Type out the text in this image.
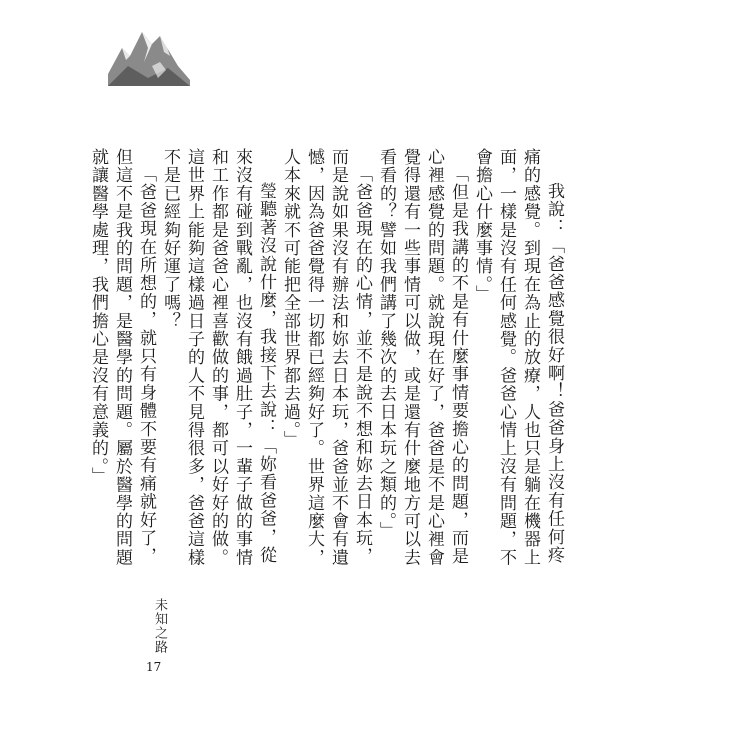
我說：「爸爸感覺很好啊！爸爸身上沒有任何疼痛的感覺。到現在為止的放療，人也只是躺在機器上面，一樣是沒有任何感覺。爸爸心情上沒有問題，不會擔心什麼事情。」

「但是我講的不是有什麼事情要擔心的問題，而是心裡感覺的問題。就說現在好了，爸爸是不是心裡會覺得還有一些事情可以做，或是還有什麼地方可以去看看的？譬如我們講了幾次的去日本玩之類的。」

「爸爸現在的心情，並不是說不想和妳去日本玩，而是說如果沒有辦法和妳去日本玩，爸爸並不會有遺憾，因為爸爸覺得一切都已經夠好了。世界這麼大，人本來就不可能把全部世界都去過。」

瑩聽著沒說什麼，我接下去說：「妳看爸爸，從來沒有碰到戰亂，也沒有餓過肚子，一輩子做的事情和工作都是爸爸心裡喜歡做的事，都可以好好的做。這世界上能夠這樣過日子的人不見得很多，爸爸這樣不是已經夠好運了嗎？

「爸爸現在所想的，就只有身體不要有痛就好了，但這不是我的問題，是醫學的問題。屬於醫學的問題就讓醫學處理，我們擔心是沒有意義的。」

未知之路
17
